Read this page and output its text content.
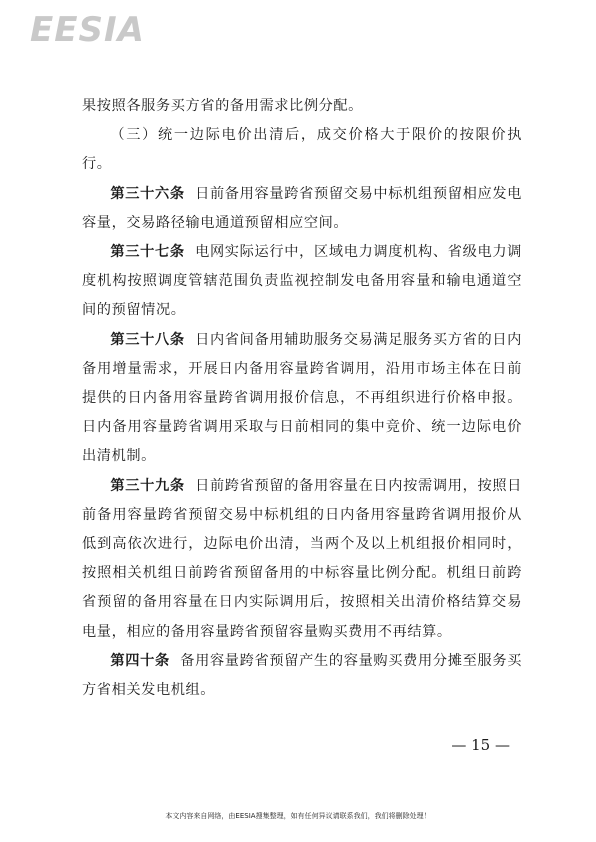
EESIA

果按照各服务买方省的备用需求比例分配。

（三）统一边际电价出清后，成交价格大于限价的按限价执行。

第三十六条 日前备用容量跨省预留交易中标机组预留相应发电容量，交易路径输电通道预留相应空间。

第三十七条 电网实际运行中，区域电力调度机构、省级电力调度机构按照调度管辖范围负责监视控制发电备用容量和输电通道空间的预留情况。

第三十八条 日内省间备用辅助服务交易满足服务买方省的日内备用增量需求，开展日内备用容量跨省调用，沿用市场主体在日前提供的日内备用容量跨省调用报价信息，不再组织进行价格申报。日内备用容量跨省调用采取与日前相同的集中竞价、统一边际电价出清机制。

第三十九条 日前跨省预留的备用容量在日内按需调用，按照日前备用容量跨省预留交易中标机组的日内备用容量跨省调用报价从低到高依次进行，边际电价出清，当两个及以上机组报价相同时，按照相关机组日前跨省预留备用的中标容量比例分配。机组日前跨省预留的备用容量在日内实际调用后，按照相关出清价格结算交易电量，相应的备用容量跨省预留容量购买费用不再结算。

第四十条 备用容量跨省预留产生的容量购买费用分摊至服务买方省相关发电机组。

— 15 —
本文内容来自网络，由EESIA搜集整理，如有任何异议请联系我们，我们将删除处理！
